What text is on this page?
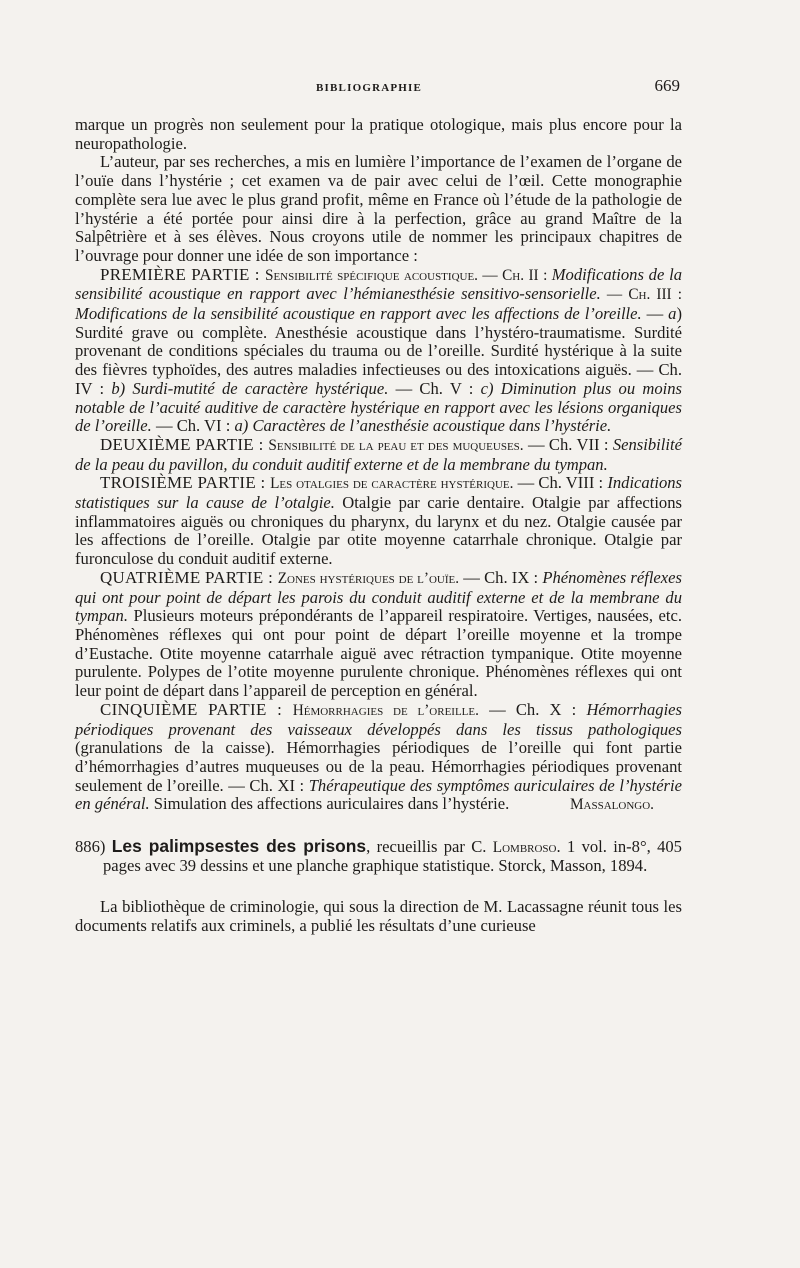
BIBLIOGRAPHIE	669

marque un progrès non seulement pour la pratique otologique, mais plus encore pour la neuropathologie.

L’auteur, par ses recherches, a mis en lumière l’importance de l’examen de l’organe de l’ouïe dans l’hystérie ; cet examen va de pair avec celui de l’œil. Cette monographie complète sera lue avec le plus grand profit, même en France où l’étude de la pathologie de l’hystérie a été portée pour ainsi dire à la perfection, grâce au grand Maître de la Salpêtrière et à ses élèves. Nous croyons utile de nommer les principaux chapitres de l’ouvrage pour donner une idée de son importance :

PREMIÈRE PARTIE : Sensibilité spécifique acoustique. — Ch. II : Modifications de la sensibilité acoustique en rapport avec l’hémianesthésie sensitivo-sensorielle. — Ch. III : Modifications de la sensibilité acoustique en rapport avec les affections de l’oreille. — a) Surdité grave ou complète. Anesthésie acoustique dans l’hystéro-traumatisme. Surdité provenant de conditions spéciales du trauma ou de l’oreille. Surdité hystérique à la suite des fièvres typhoïdes, des autres maladies infectieuses ou des intoxications aiguës. — Ch. IV : b) Surdi-mutité de caractère hystérique. — Ch. V : c) Diminution plus ou moins notable de l’acuité auditive de caractère hystérique en rapport avec les lésions organiques de l’oreille. — Ch. VI : a) Caractères de l’anesthésie acoustique dans l’hystérie.

DEUXIÈME PARTIE : Sensibilité de la peau et des muqueuses. — Ch. VII : Sensibilité de la peau du pavillon, du conduit auditif externe et de la membrane du tympan.

TROISIÈME PARTIE : Les otalgies de caractère hystérique. — Ch. VIII : Indications statistiques sur la cause de l’otalgie. Otalgie par carie dentaire. Otalgie par affections inflammatoires aiguës ou chroniques du pharynx, du larynx et du nez. Otalgie causée par les affections de l’oreille. Otalgie par otite moyenne catarrhale chronique. Otalgie par furonculose du conduit auditif externe.

QUATRIÈME PARTIE : Zones hystériques de l’ouïe. — Ch. IX : Phénomènes réflexes qui ont pour point de départ les parois du conduit auditif externe et de la membrane du tympan. Plusieurs moteurs prépondérants de l’appareil respiratoire. Vertiges, nausées, etc. Phénomènes réflexes qui ont pour point de départ l’oreille moyenne et la trompe d’Eustache. Otite moyenne catarrhale aiguë avec rétraction tympanique. Otite moyenne purulente. Polypes de l’otite moyenne purulente chronique. Phénomènes réflexes qui ont leur point de départ dans l’appareil de perception en général.

CINQUIÈME PARTIE : Hémorrhagies de l’oreille. — Ch. X : Hémorrhagies périodiques provenant des vaisseaux développés dans les tissus pathologiques (granulations de la caisse). Hémorrhagies périodiques de l’oreille qui font partie d’hémorrhagies d’autres muqueuses ou de la peau. Hémorrhagies périodiques provenant seulement de l’oreille. — Ch. XI : Thérapeutique des symptômes auriculaires de l’hystérie en général. Simulation des affections auriculaires dans l’hystérie.	Massalongo.

886) Les palimpsestes des prisons, recueillis par C. Lombroso. 1 vol. in-8°, 405 pages avec 39 dessins et une planche graphique statistique. Storck, Masson, 1894.

La bibliothèque de criminologie, qui sous la direction de M. Lacassagne réunit tous les documents relatifs aux criminels, a publié les résultats d’une curieuse
